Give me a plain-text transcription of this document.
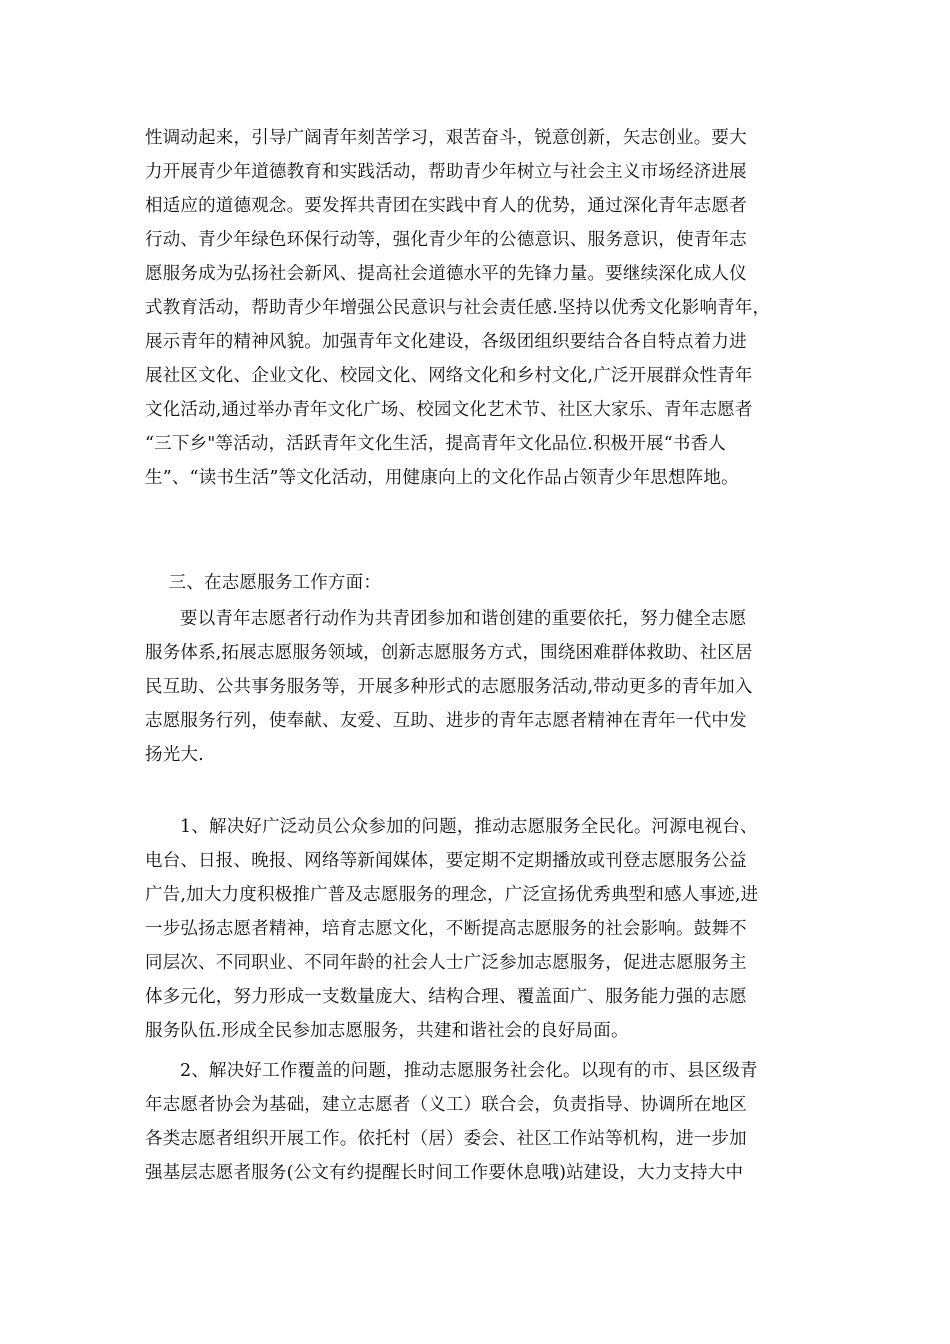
性调动起来，引导广阔青年刻苦学习，艰苦奋斗，锐意创新，矢志创业。要大
力开展青少年道德教育和实践活动，帮助青少年树立与社会主义市场经济进展
相适应的道德观念。要发挥共青团在实践中育人的优势，通过深化青年志愿者
行动、青少年绿色环保行动等，强化青少年的公德意识、服务意识，使青年志
愿服务成为弘扬社会新风、提高社会道德水平的先锋力量。要继续深化成人仪
式教育活动，帮助青少年增强公民意识与社会责任感.坚持以优秀文化影响青年，
展示青年的精神风貌。加强青年文化建设，各级团组织要结合各自特点着力进
展社区文化、企业文化、校园文化、网络文化和乡村文化,广泛开展群众性青年
文化活动,通过举办青年文化广场、校园文化艺术节、社区大家乐、青年志愿者
“三下乡"等活动，活跃青年文化生活，提高青年文化品位.积极开展“书香人
生”、“读书生活”等文化活动，用健康向上的文化作品占领青少年思想阵地。
三、在志愿服务工作方面：
要以青年志愿者行动作为共青团参加和谐创建的重要依托，努力健全志愿
服务体系,拓展志愿服务领域，创新志愿服务方式，围绕困难群体救助、社区居
民互助、公共事务服务等，开展多种形式的志愿服务活动,带动更多的青年加入
志愿服务行列，使奉献、友爱、互助、进步的青年志愿者精神在青年一代中发
扬光大.
1、解决好广泛动员公众参加的问题，推动志愿服务全民化。河源电视台、
电台、日报、晚报、网络等新闻媒体，要定期不定期播放或刊登志愿服务公益
广告,加大力度积极推广普及志愿服务的理念，广泛宣扬优秀典型和感人事迹,进
一步弘扬志愿者精神，培育志愿文化，不断提高志愿服务的社会影响。鼓舞不
同层次、不同职业、不同年龄的社会人士广泛参加志愿服务，促进志愿服务主
体多元化，努力形成一支数量庞大、结构合理、覆盖面广、服务能力强的志愿
服务队伍.形成全民参加志愿服务，共建和谐社会的良好局面。
2、解决好工作覆盖的问题，推动志愿服务社会化。以现有的市、县区级青
年志愿者协会为基础，建立志愿者（义工）联合会，负责指导、协调所在地区
各类志愿者组织开展工作。依托村（居）委会、社区工作站等机构，进一步加
强基层志愿者服务(公文有约提醒长时间工作要休息哦)站建设，大力支持大中
